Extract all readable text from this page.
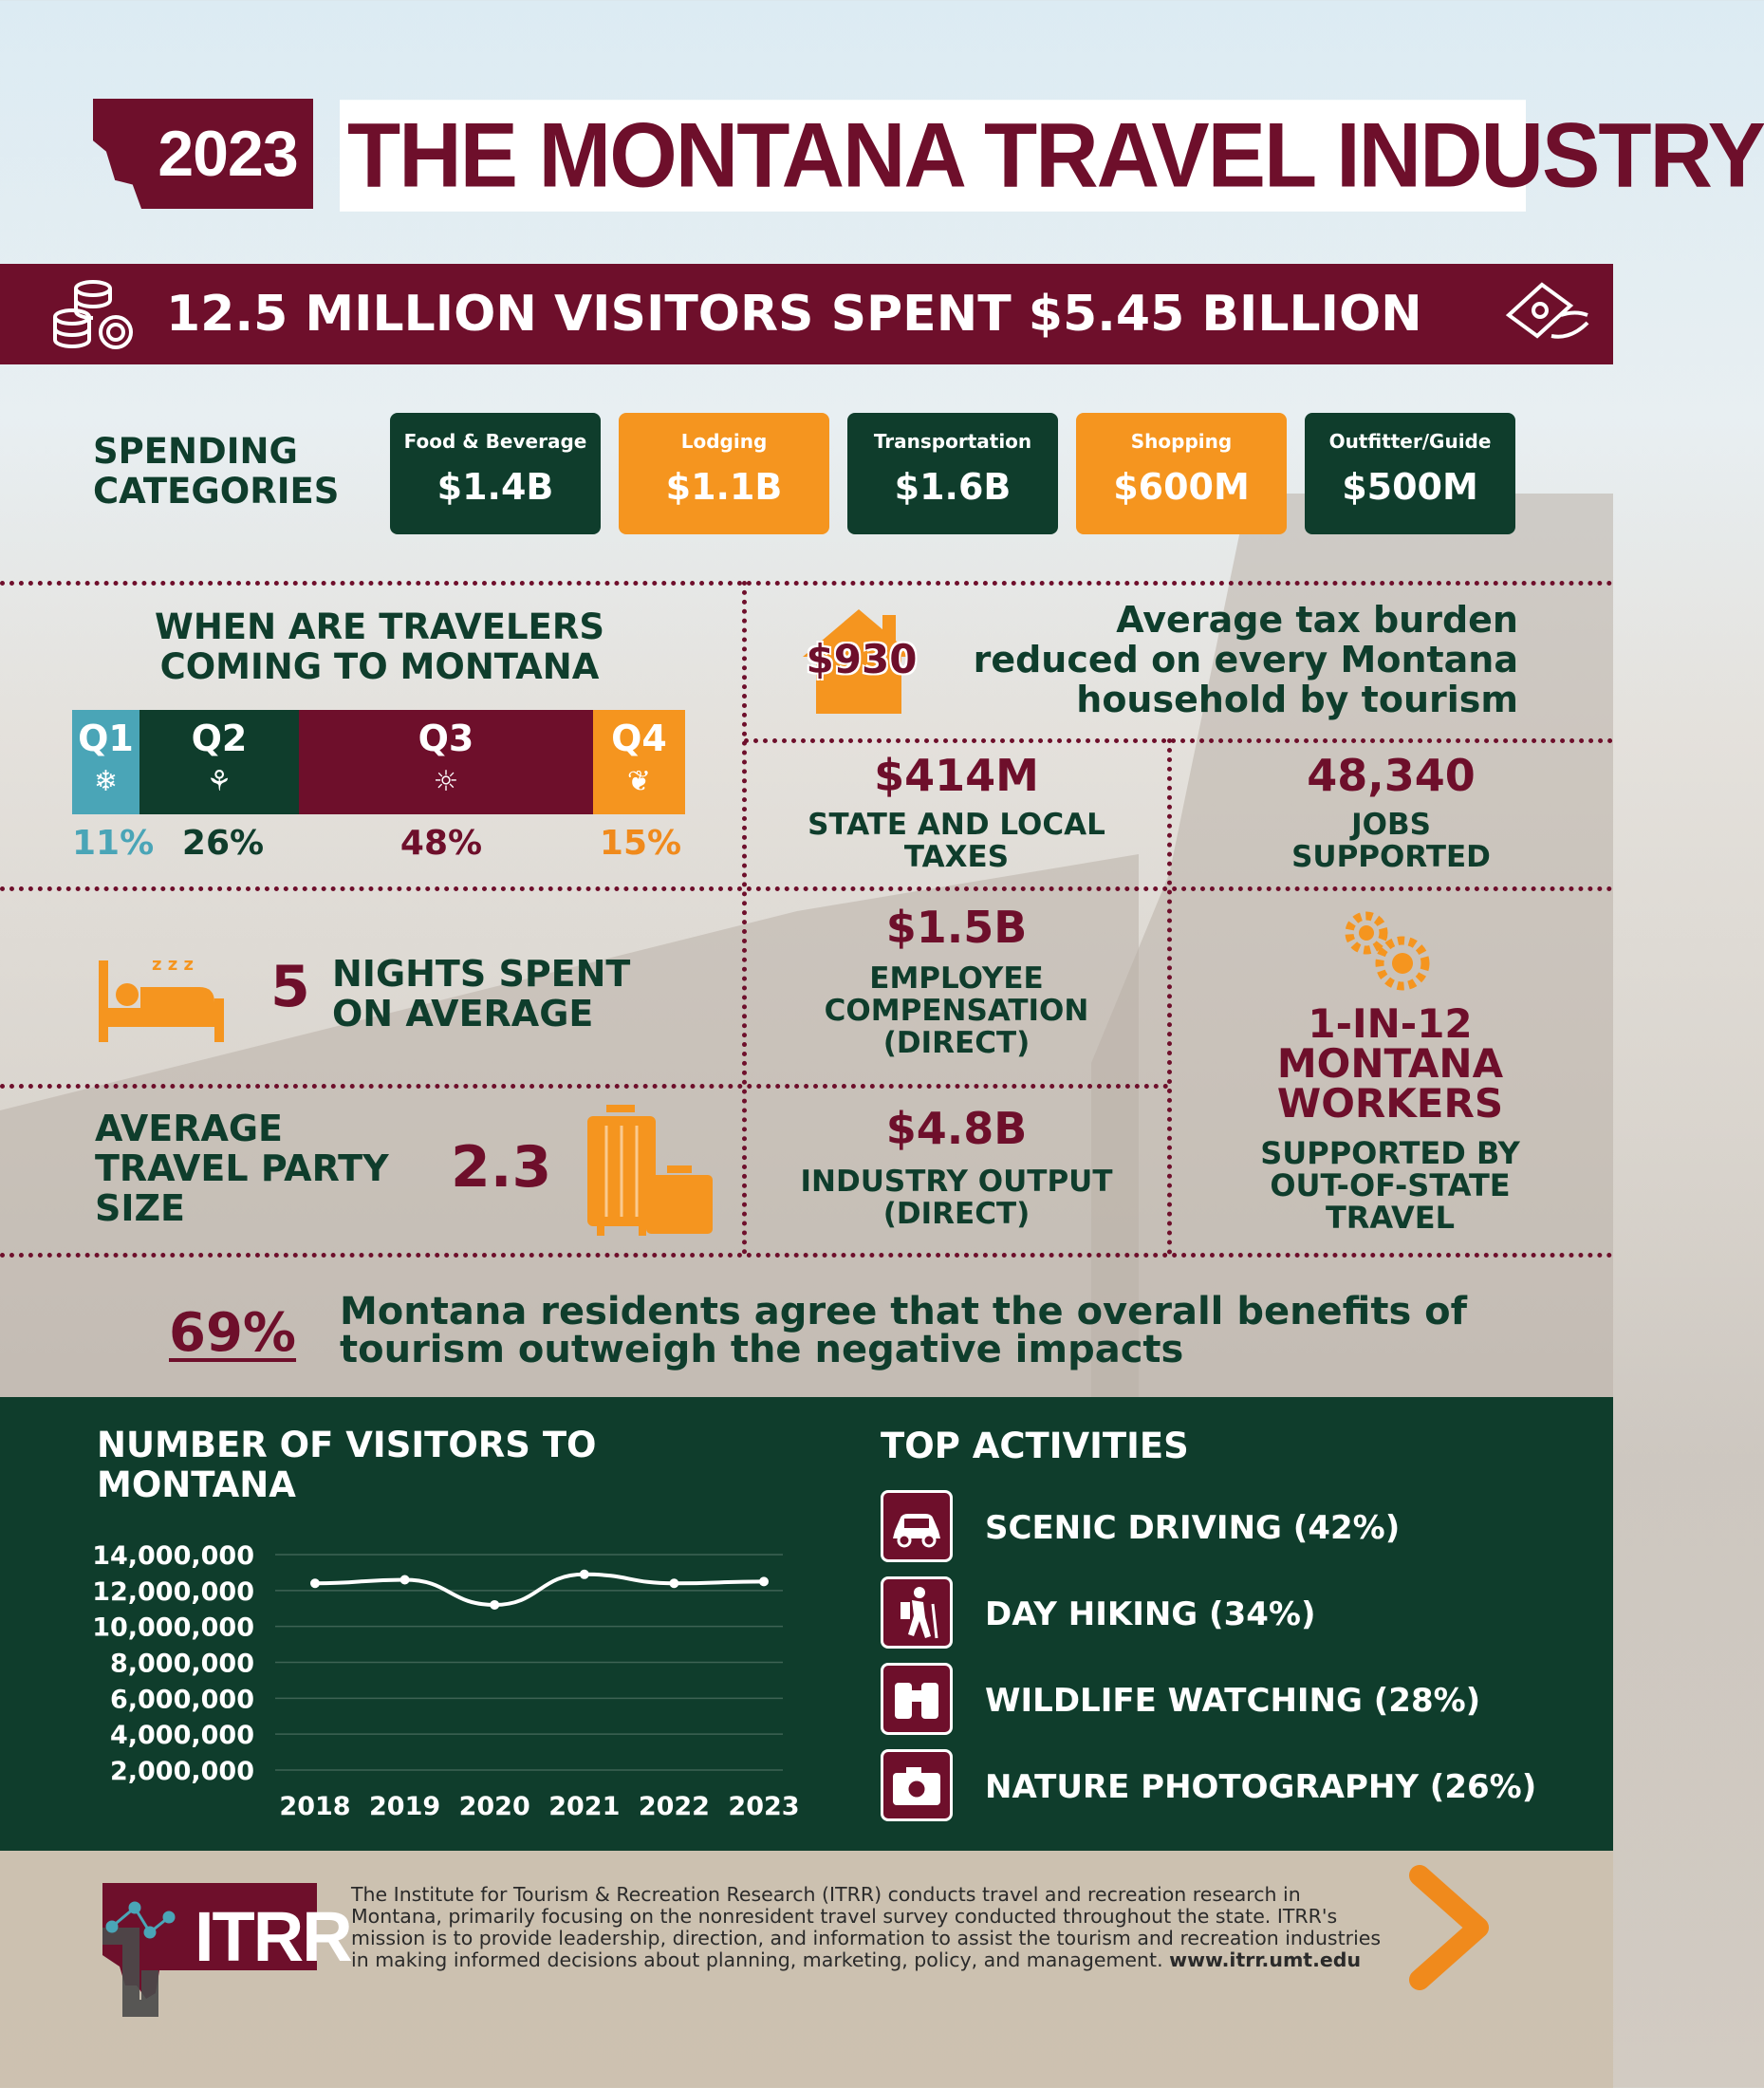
2023 THE MONTANA TRAVEL INDUSTRY
12.5 MILLION VISITORS SPENT $5.45 BILLION
SPENDING
CATEGORIES
Food & Beverage
$1.4B
Lodging
$1.1B
Transportation
$1.6B
Shopping
$600M
Outfitter/Guide
$500M
WHEN ARE TRAVELERS
COMING TO MONTANA
Q1
❄
Q2
⚘
Q3
☼
Q4
❦
11% 26%	48%	15%
$930
Average tax burden
reduced on every Montana
household by tourism
$414M
STATE AND LOCAL
TAXES
48,340
JOBS
SUPPORTED
z z z 5 NIGHTS SPENT
ON AVERAGE
$1.5B
EMPLOYEE
COMPENSATION
(DIRECT)	1-IN-12
MONTANA
WORKERS
SUPPORTED BY
OUT-OF-STATE
TRAVEL
AVERAGE
TRAVEL PARTY
SIZE
2.3
$4.8B
INDUSTRY OUTPUT
(DIRECT)
69% Montana residents agree that the overall benefits of
tourism outweigh the negative impacts
NUMBER OF VISITORS TO MONTANA
14,000,000
12,000,000
10,000,000
8,000,000
6,000,000
4,000,000
2,000,000
2018 2019 2020 2021 2022 2023
TOP ACTIVITIES
SCENIC DRIVING (42%)
DAY HIKING (34%)
WILDLIFE WATCHING (28%)
NATURE PHOTOGRAPHY (26%)
ITRR
The Institute for Tourism & Recreation Research (ITRR) conducts travel and recreation research in Montana, primarily focusing on the nonresident travel survey conducted throughout the state. ITRR's mission is to provide leadership, direction, and information to assist the tourism and recreation industries in making informed decisions about planning, marketing, policy, and management. www.itrr.umt.edu
